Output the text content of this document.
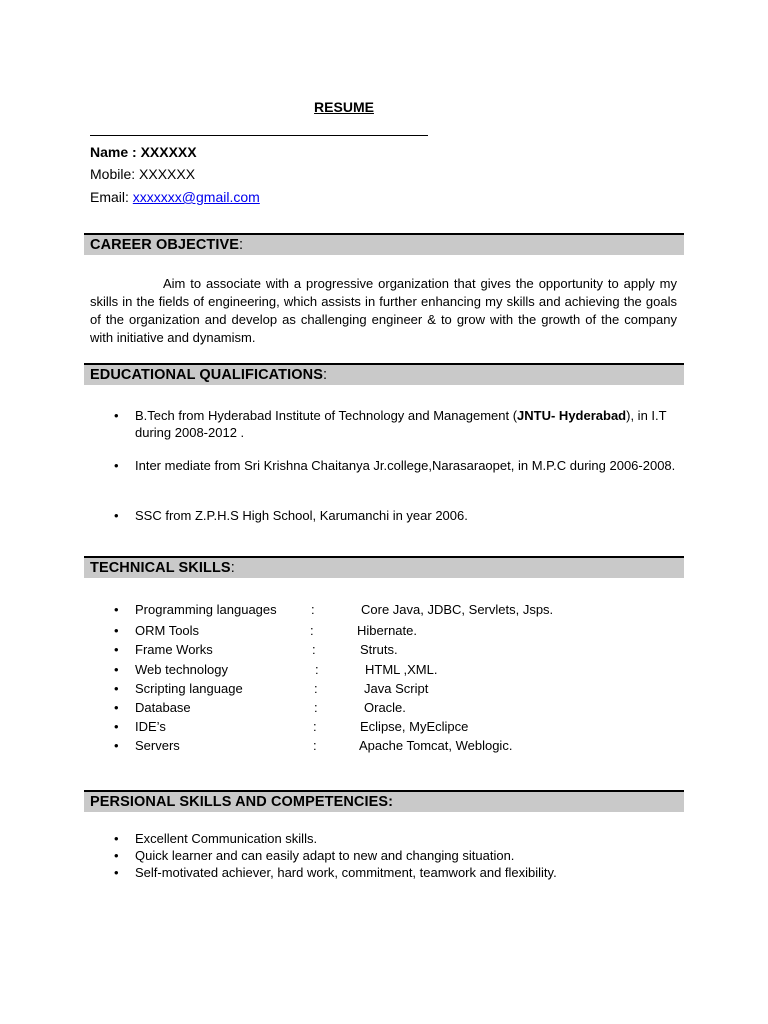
RESUME
Name : XXXXXX
Mobile: XXXXXX
Email: xxxxxxx@gmail.com
CAREER OBJECTIVE:
Aim to associate with a progressive organization that gives the opportunity to apply my skills in the fields of engineering, which assists in further enhancing my skills and achieving the goals of the organization and develop as challenging engineer & to grow with the growth of the company with initiative and dynamism.
EDUCATIONAL QUALIFICATIONS:
• B.Tech from Hyderabad Institute of Technology and Management (JNTU- Hyderabad), in I.T during 2008-2012 .
• Inter mediate from Sri Krishna Chaitanya Jr.college,Narasaraopet, in M.P.C during 2006-2008.
• SSC from Z.P.H.S High School, Karumanchi in year 2006.
TECHNICAL SKILLS:
• Programming languages	:	Core Java, JDBC, Servlets, Jsps.
• ORM Tools	:	Hibernate.
• Frame Works	:	Struts.
• Web technology	:	HTML ,XML.
• Scripting language	:	Java Script
• Database	:	Oracle.
• IDE’s	:	Eclipse, MyEclipce
• Servers	:	Apache Tomcat, Weblogic.
PERSIONAL SKILLS AND COMPETENCIES:
• Excellent Communication skills.
• Quick learner and can easily adapt to new and changing situation.
• Self-motivated achiever, hard work, commitment, teamwork and flexibility.
